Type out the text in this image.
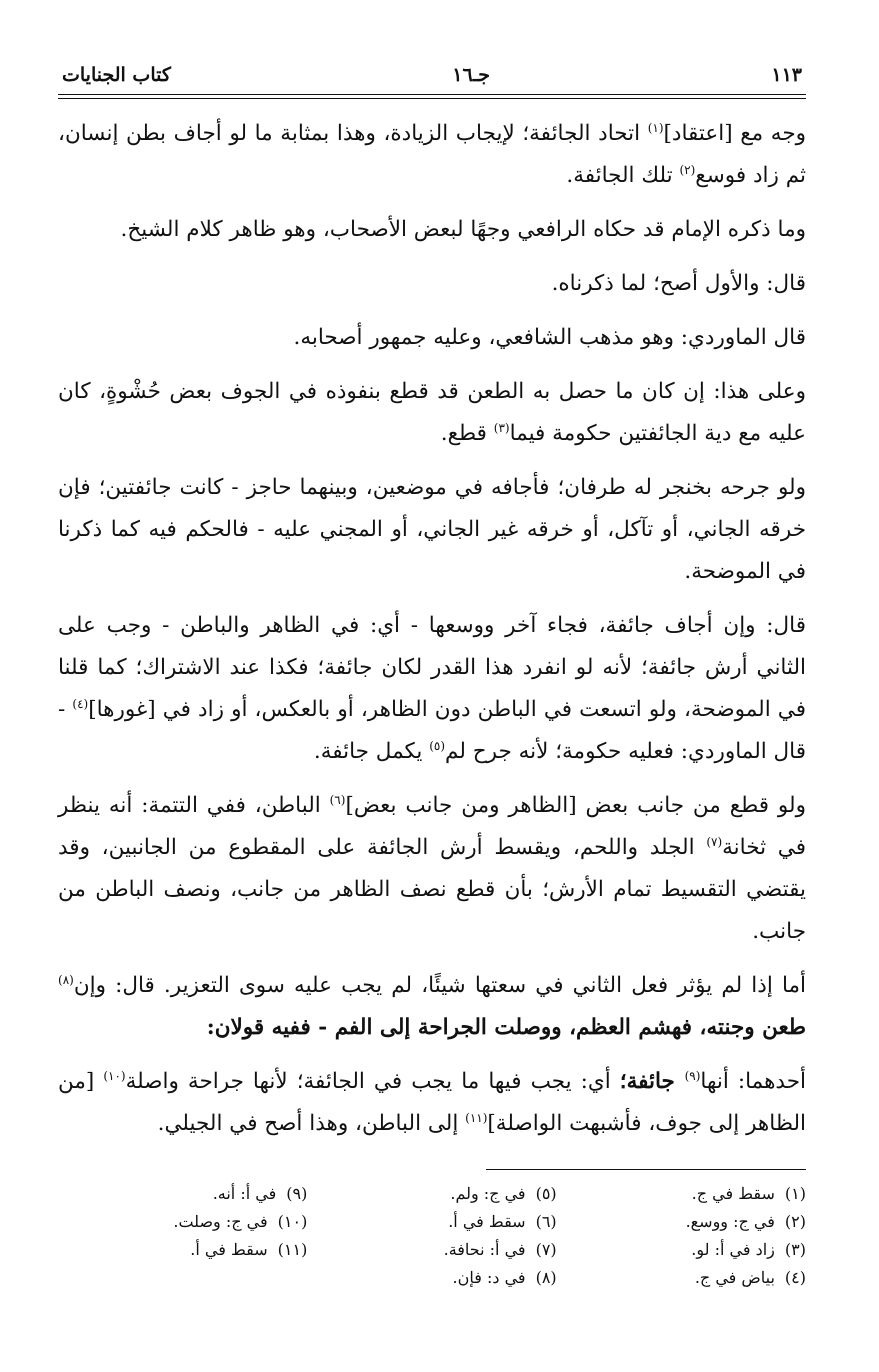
١١٣
جـ١٦
كتاب الجنايات

وجه مع [اعتقاد]$^{(١)}$ اتحاد الجائفة؛ لإيجاب الزيادة، وهذا بمثابة ما لو أجاف بطن إنسان، ثم زاد فوسع$^{(٢)}$ تلك الجائفة.

وما ذكره الإمام قد حكاه الرافعي وجهًا لبعض الأصحاب، وهو ظاهر كلام الشيخ.

قال: والأول أصح؛ لما ذكرناه.

قال الماوردي: وهو مذهب الشافعي، وعليه جمهور أصحابه.

وعلى هذا: إن كان ما حصل به الطعن قد قطع بنفوذه في الجوف بعض حُشْوةٍ، كان عليه مع دية الجائفتين حكومة فيما$^{(٣)}$ قطع.

ولو جرحه بخنجر له طرفان؛ فأجافه في موضعين، وبينهما حاجز - كانت جائفتين؛ فإن خرقه الجاني، أو تآكل، أو خرقه غير الجاني، أو المجني عليه - فالحكم فيه كما ذكرنا في الموضحة.

قال: وإن أجاف جائفة، فجاء آخر ووسعها - أي: في الظاهر والباطن - وجب على الثاني أرش جائفة؛ لأنه لو انفرد هذا القدر لكان جائفة؛ فكذا عند الاشتراك؛ كما قلنا في الموضحة، ولو اتسعت في الباطن دون الظاهر، أو بالعكس، أو زاد في [غورها]$^{(٤)}$ - قال الماوردي: فعليه حكومة؛ لأنه جرح لم$^{(٥)}$ يكمل جائفة.

ولو قطع من جانب بعض [الظاهر ومن جانب بعض]$^{(٦)}$ الباطن، ففي التتمة: أنه ينظر في ثخانة$^{(٧)}$ الجلد واللحم، ويقسط أرش الجائفة على المقطوع من الجانبين، وقد يقتضي التقسيط تمام الأرش؛ بأن قطع نصف الظاهر من جانب، ونصف الباطن من جانب.

أما إذا لم يؤثر فعل الثاني في سعتها شيئًا، لم يجب عليه سوى التعزير. قال: وإن$^{(٨)}$ طعن وجنته، فهشم العظم، ووصلت الجراحة إلى الفم - ففيه قولان:

أحدهما: أنها$^{(٩)}$ جائفة؛ أي: يجب فيها ما يجب في الجائفة؛ لأنها جراحة واصلة$^{(١٠)}$ [من الظاهر إلى جوف، فأشبهت الواصلة]$^{(١١)}$ إلى الباطن، وهذا أصح في الجيلي.

(١)سقط في ج.
(٢)في ج: ووسع.
(٣)زاد في أ: لو.
(٤)بياض في ج.
(٥)في ج: ولم.
(٦)سقط في أ.
(٧)في أ: نحافة.
(٨)في د: فإن.
(٩)في أ: أنه.
(١٠)في ج: وصلت.
(١١)سقط في أ.
